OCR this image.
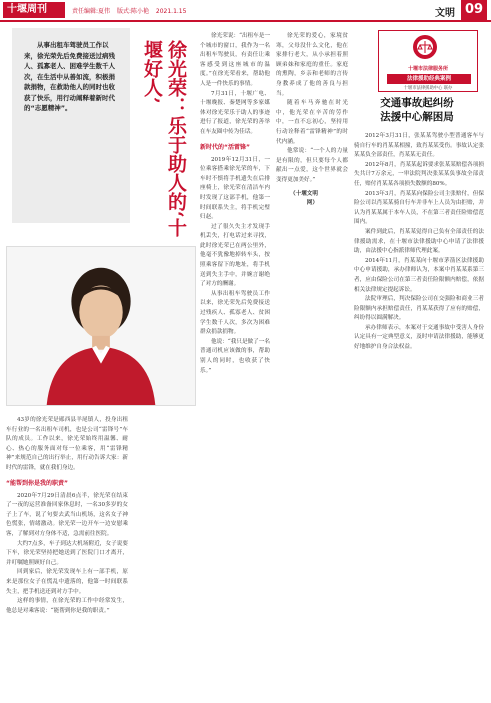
十堰周刊	责任编辑:夏伟 版式:陈小艳 2021.1.15	文明 09

从事出租车驾驶员工作以来，徐光荣先后免费接送过病残人、孤寡老人、困难学生数千人次，在生活中从善如流，积极捐款捐物，在救助他人的同时也收获了快乐，用行动阐释着新时代的“志愿精神”。	徐光荣：乐于助人的‘十堰好人’

43岁的徐光荣是郧西县羊尾镇人，投身出租车行业的一名出租车司机，也是公司“雷锋号”车队的成员。工作以来，徐光荣始终用温馨、耐心、热心的服务面对每一位乘客，用“雷锋精神”来规范自己的出行举止，用行动告诉大家：新时代的雷锋，就在我们身边。

“能帮到你是我的职责”

2020年7月29日清晨6点半，徐光荣在结束了一夜的运营准备回家休息时，一名30多岁的女子上了车，说了句要去武当山机场，这名女子神色慌张，情绪激动。徐光荣一边开车一边安慰乘客，了解到对方身体不适，急需前往医院。

大约7点多，车子到达大机场附近，女子说要下车，徐光荣坚持把她送到了医院门口才离开，并叮嘱她照顾好自己。

回到家后，徐光荣发现车上有一部手机，原来是那位女子在慌乱中遗落的，他第一时间联系失主，把手机送还到对方手中。

这样的事情，在徐光荣的工作中经常发生，他总是对乘客说：“能帮到你是我的职责。”

徐光荣说：“出租车是一个城市的窗口，我作为一名出租车驾驶员，有责任让乘客感受到这座城市的温度。”在徐光荣看来，帮助他人是一件快乐的事情。

7月31日，十堰广电、十堰晚报、秦楚网等多家媒体对徐光荣乐于助人的事迹进行了报道，徐光荣的善举在车友圈中传为佳话。

新时代的“活雷锋”

2019年12月31日，一位乘客搭乘徐光荣的车，下车时不慎将手机遗失在后排座椅上，徐光荣在清洁车内时发现了这部手机，他第一时间联系失主，将手机完璧归赵。

过了很久失主才发现手机丢失，打电话过来寻找，此时徐光荣已在两公里外，他毫不犹豫地掉转车头，按照乘客留下的地址，将手机送到失主手中，并婉言谢绝了对方的酬谢。

从事出租车驾驶员工作以来，徐光荣先后免费接送过残疾人、孤寡老人、贫困学生数千人次，多次为困难群众捐款捐物。

他说：“我只是做了一名普通司机应该做的事，帮助别人的同时，也收获了快乐。”

徐光荣的爱心，家境贫寒，父母没什么文化，他在家排行老大，从小承担着照顾弟妹和家庭的重任。家庭的熏陶，乡亲和老师的言传身教养成了他的善良与担当。

随着车马奔驰在时光中，他光荣在辛苦的劳作中，一直不忘初心，坚持用行动诠释着“雷锋精神”的时代内涵。

他常说：“一个人的力量是有限的，但只要每个人都献出一点爱，这个世界就会变得更加美好。”

（十堰文明网）

十堰市法律服务所
法律援助经典案例
十堰市法律援助中心 联办
交通事故起纠纷
法援中心解困局

2012年3月31日，张某某驾驶小型普通客车与骑自行车的肖某某相撞，致肖某某受伤。事故认定张某某负全部责任，肖某某无责任。

2012年8月，肖某某起诉要求张某某赔偿各项损失共计7万余元，一审法院判决张某某负事故全部责任，赔付肖某某各项损失数额的80%。

2013年3月，肖某某向保险公司主张赔付，但保险公司以肖某某骑自行车并非车上人员为由拒赔，并认为肖某某属于本车人员，不在第三者责任险赔偿范围内。

案件到此后，肖某某觉得自己负有全部责任的法律援助需求，在十堰市法律援助中心申请了法律援助，由法援中心指派律师代理此案。

2014年11月，肖某某向十堰市茅箭区法律援助中心申请援助，承办律师认为，本案中肖某某系第三者，应由保险公司在第三者责任险限额内赔偿，依据相关法律规定提起诉讼。

法院审理后，判决保险公司在交强险和商业三者险限额内承担赔偿责任，肖某某获得了应有的赔偿，纠纷得以圆满解决。

承办律师表示，本案对于交通事故中受害人身份认定具有一定典型意义，及时申请法律援助，能够更好地维护自身合法权益。
